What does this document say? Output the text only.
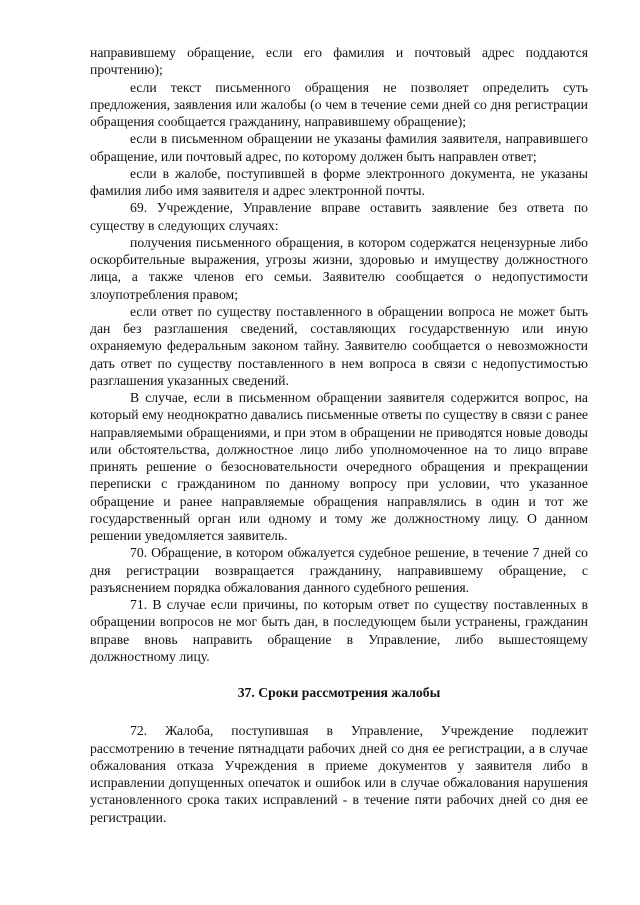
направившему обращение, если его фамилия и почтовый адрес поддаются прочтению);

если текст письменного обращения не позволяет определить суть предложения, заявления или жалобы (о чем в течение семи дней со дня регистрации обращения сообщается гражданину, направившему обращение);

если в письменном обращении не указаны фамилия заявителя, направившего обращение, или почтовый адрес, по которому должен быть направлен ответ;

если в жалобе, поступившей в форме электронного документа, не указаны фамилия либо имя заявителя и адрес электронной почты.

69. Учреждение, Управление вправе оставить заявление без ответа по существу в следующих случаях:

получения письменного обращения, в котором содержатся нецензурные либо оскорбительные выражения, угрозы жизни, здоровью и имуществу должностного лица, а также членов его семьи. Заявителю сообщается о недопустимости злоупотребления правом;

если ответ по существу поставленного в обращении вопроса не может быть дан без разглашения сведений, составляющих государственную или иную охраняемую федеральным законом тайну. Заявителю сообщается о невозможности дать ответ по существу поставленного в нем вопроса в связи с недопустимостью разглашения указанных сведений.

В случае, если в письменном обращении заявителя содержится вопрос, на который ему неоднократно давались письменные ответы по существу в связи с ранее направляемыми обращениями, и при этом в обращении не приводятся новые доводы или обстоятельства, должностное лицо либо уполномоченное на то лицо вправе принять решение о безосновательности очередного обращения и прекращении переписки с гражданином по данному вопросу при условии, что указанное обращение и ранее направляемые обращения направлялись в один и тот же государственный орган или одному и тому же должностному лицу. О данном решении уведомляется заявитель.

70. Обращение, в котором обжалуется судебное решение, в течение 7 дней со дня регистрации возвращается гражданину, направившему обращение, с разъяснением порядка обжалования данного судебного решения.

71. В случае если причины, по которым ответ по существу поставленных в обращении вопросов не мог быть дан, в последующем были устранены, гражданин вправе вновь направить обращение в Управление, либо вышестоящему должностному лицу.

37. Сроки рассмотрения жалобы

72. Жалоба, поступившая в Управление, Учреждение подлежит рассмотрению в течение пятнадцати рабочих дней со дня ее регистрации, а в случае обжалования отказа Учреждения в приеме документов у заявителя либо в исправлении допущенных опечаток и ошибок или в случае обжалования нарушения установленного срока таких исправлений - в течение пяти рабочих дней со дня ее регистрации.
